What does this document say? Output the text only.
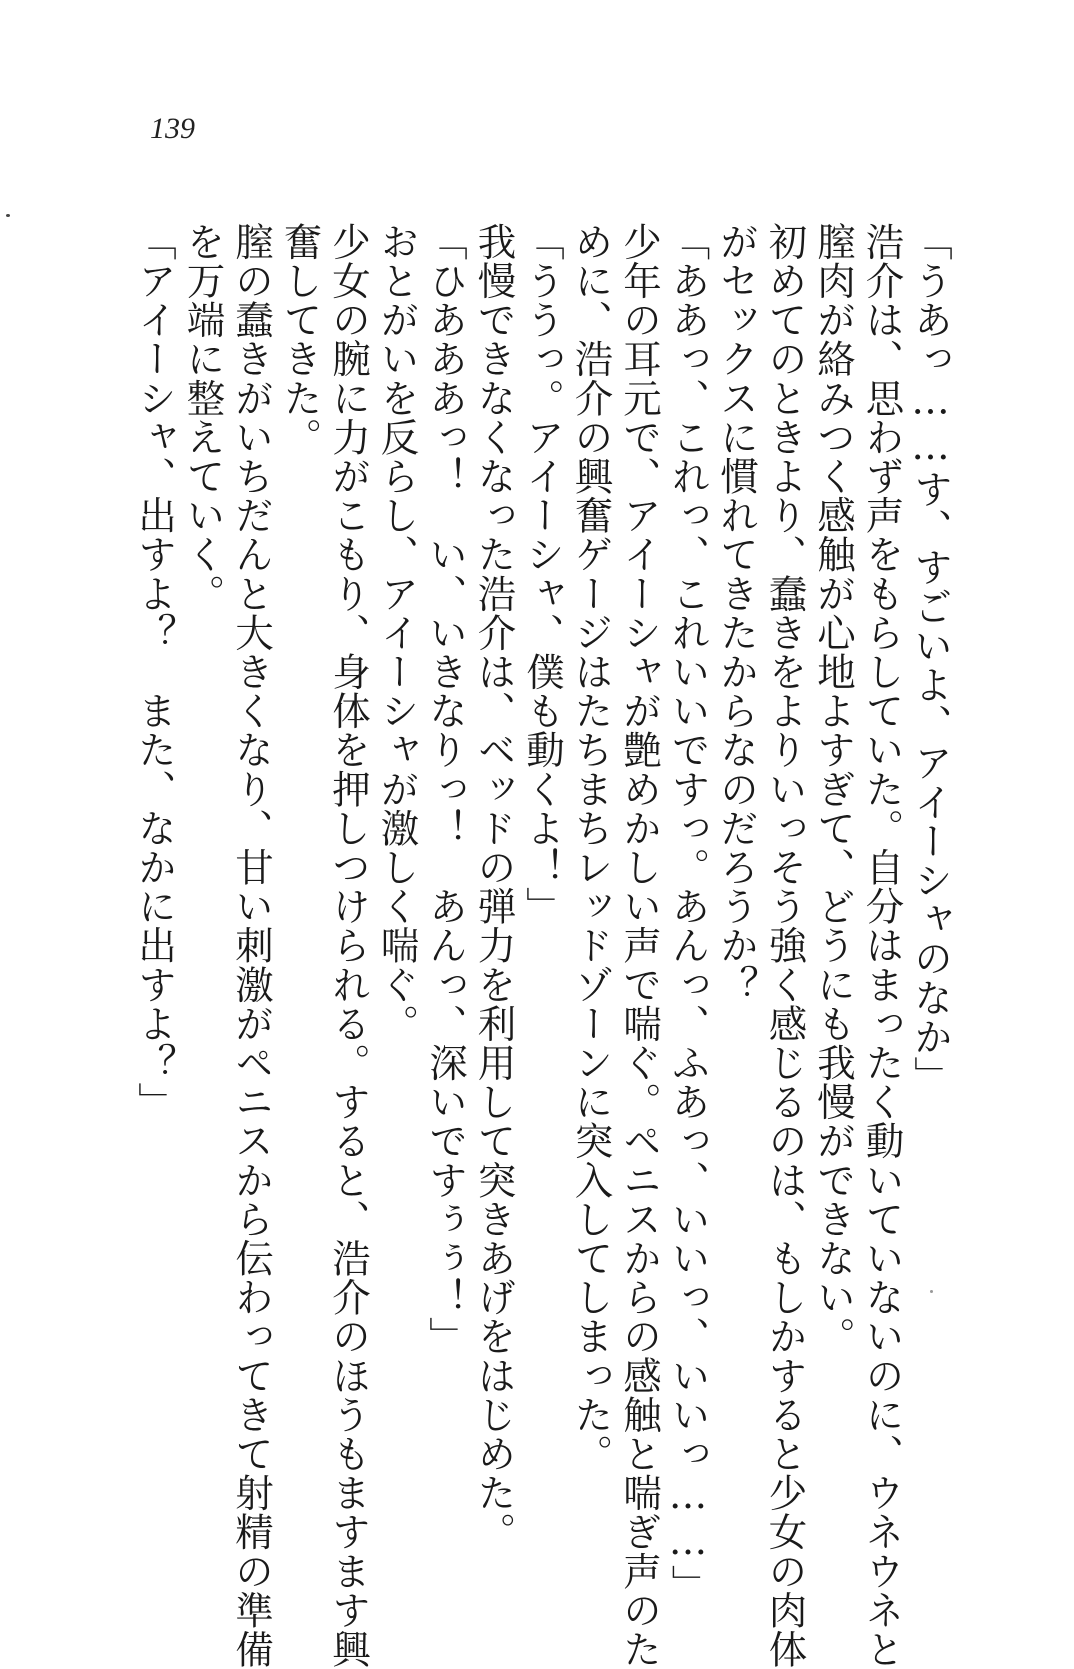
139

「うあっ……す、すごいよ、アイーシャのなか」

浩介は、思わず声をもらしていた。自分はまったく動いていないのに、ウネウネと

膣肉が絡みつく感触が心地よすぎて、どうにも我慢ができない。

初めてのときより、蠢きをよりいっそう強く感じるのは、もしかすると少女の肉体

がセックスに慣れてきたからなのだろうか？

「ああっ、これっ、これいいですっ。あんっ、ふあっ、いいっ、いいっ……」

少年の耳元で、アイーシャが艶めかしい声で喘ぐ。ペニスからの感触と喘ぎ声のた

めに、浩介の興奮ゲージはたちまちレッドゾーンに突入してしまった。

「ううっ。アイーシャ、僕も動くよ！」

我慢できなくなった浩介は、ベッドの弾力を利用して突きあげをはじめた。

「ひあああっ！　い、いきなりっ！　あんっ、深いですぅぅ！」

おとがいを反らし、アイーシャが激しく喘ぐ。

少女の腕に力がこもり、身体を押しつけられる。すると、浩介のほうもますます興

奮してきた。

膣の蠢きがいちだんと大きくなり、甘い刺激がペニスから伝わってきて射精の準備

を万端に整えていく。

「アイーシャ、出すよ？　また、なかに出すよ？」
